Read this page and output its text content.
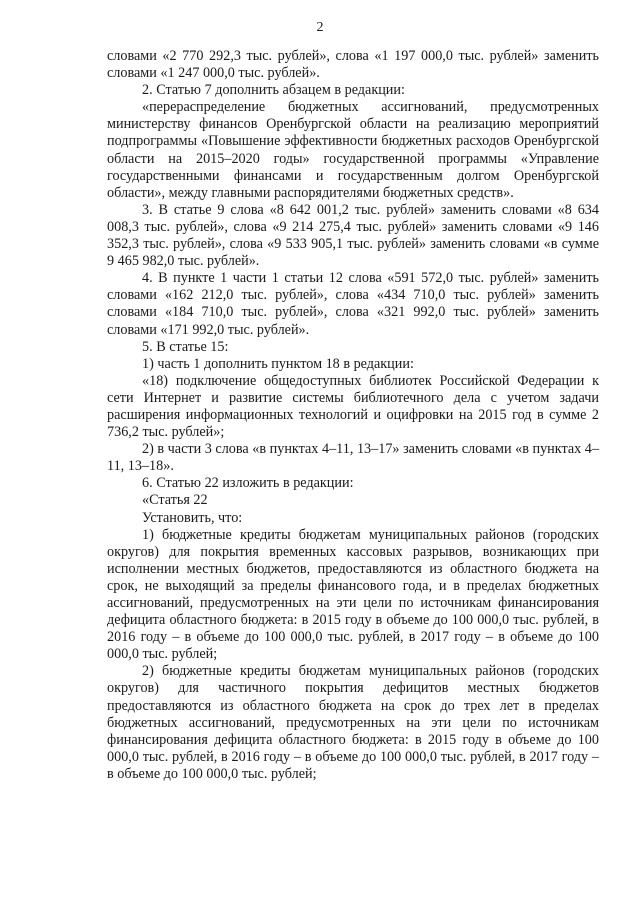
2

словами «2 770 292,3 тыс. рублей», слова «1 197 000,0 тыс. рублей» заменить словами «1 247 000,0 тыс. рублей».

2. Статью 7 дополнить абзацем в редакции:

«перераспределение бюджетных ассигнований, предусмотренных министерству финансов Оренбургской области на реализацию мероприятий подпрограммы «Повышение эффективности бюджетных расходов Оренбургской области на 2015–2020 годы» государственной программы «Управление государственными финансами и государственным долгом Оренбургской области», между главными распорядителями бюджетных средств».

3. В статье 9 слова «8 642 001,2 тыс. рублей» заменить словами «8 634 008,3 тыс. рублей», слова «9 214 275,4 тыс. рублей» заменить словами «9 146 352,3 тыс. рублей», слова «9 533 905,1 тыс. рублей» заменить словами «в сумме 9 465 982,0 тыс. рублей».

4. В пункте 1 части 1 статьи 12 слова «591 572,0 тыс. рублей» заменить словами «162 212,0 тыс. рублей», слова «434 710,0 тыс. рублей» заменить словами «184 710,0 тыс. рублей», слова «321 992,0 тыс. рублей» заменить словами «171 992,0 тыс. рублей».

5. В статье 15:

1) часть 1 дополнить пунктом 18 в редакции:

«18) подключение общедоступных библиотек Российской Федерации к сети Интернет и развитие системы библиотечного дела с учетом задачи расширения информационных технологий и оцифровки на 2015 год в сумме 2 736,2 тыс. рублей»;

2) в части 3 слова «в пунктах 4–11, 13–17» заменить словами «в пунктах 4–11, 13–18».

6. Статью 22 изложить в редакции:

«Статья 22

Установить, что:

1) бюджетные кредиты бюджетам муниципальных районов (городских округов) для покрытия временных кассовых разрывов, возникающих при исполнении местных бюджетов, предоставляются из областного бюджета на срок, не выходящий за пределы финансового года, и в пределах бюджетных ассигнований, предусмотренных на эти цели по источникам финансирования дефицита областного бюджета: в 2015 году в объеме до 100 000,0 тыс. рублей, в 2016 году – в объеме до 100 000,0 тыс. рублей, в 2017 году – в объеме до 100 000,0 тыс. рублей;

2) бюджетные кредиты бюджетам муниципальных районов (городских округов) для частичного покрытия дефицитов местных бюджетов предоставляются из областного бюджета на срок до трех лет в пределах бюджетных ассигнований, предусмотренных на эти цели по источникам финансирования дефицита областного бюджета: в 2015 году в объеме до 100 000,0 тыс. рублей, в 2016 году – в объеме до 100 000,0 тыс. рублей, в 2017 году – в объеме до 100 000,0 тыс. рублей;
